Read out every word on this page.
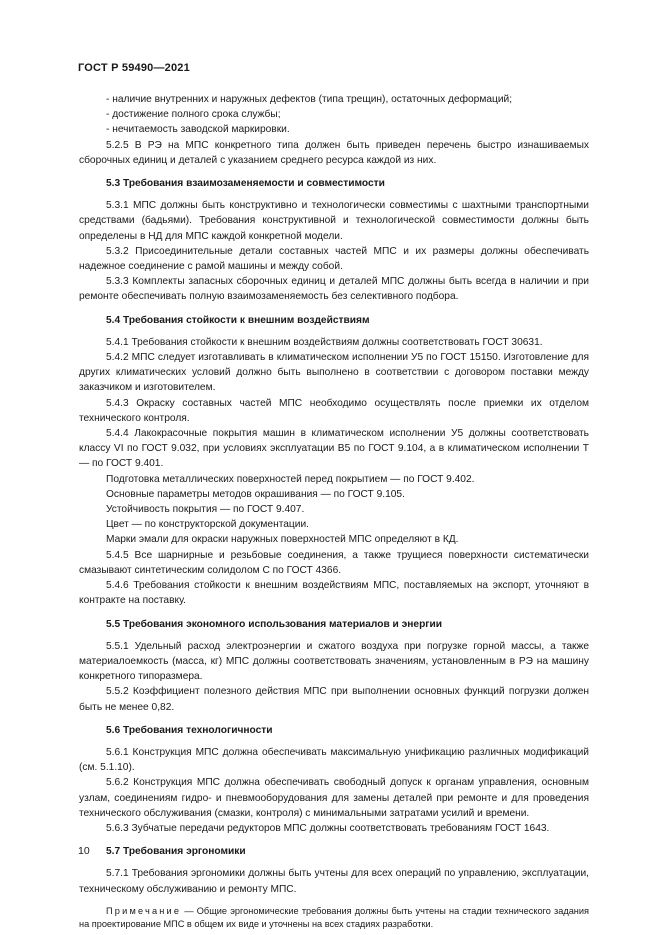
ГОСТ Р 59490—2021

- наличие внутренних и наружных дефектов (типа трещин), остаточных деформаций;

- достижение полного срока службы;

- нечитаемость заводской маркировки.

5.2.5 В РЭ на МПС конкретного типа должен быть приведен перечень быстро изнашиваемых сборочных единиц и деталей с указанием среднего ресурса каждой из них.

5.3 Требования взаимозаменяемости и совместимости

5.3.1 МПС должны быть конструктивно и технологически совместимы с шахтными транспортными средствами (бадьями). Требования конструктивной и технологической совместимости должны быть определены в НД для МПС каждой конкретной модели.

5.3.2 Присоединительные детали составных частей МПС и их размеры должны обеспечивать надежное соединение с рамой машины и между собой.

5.3.3 Комплекты запасных сборочных единиц и деталей МПС должны быть всегда в наличии и при ремонте обеспечивать полную взаимозаменяемость без селективного подбора.

5.4 Требования стойкости к внешним воздействиям

5.4.1 Требования стойкости к внешним воздействиям должны соответствовать ГОСТ 30631.

5.4.2 МПС следует изготавливать в климатическом исполнении У5 по ГОСТ 15150. Изготовление для других климатических условий должно быть выполнено в соответствии с договором поставки между заказчиком и изготовителем.

5.4.3 Окраску составных частей МПС необходимо осуществлять после приемки их отделом технического контроля.

5.4.4 Лакокрасочные покрытия машин в климатическом исполнении У5 должны соответствовать классу VI по ГОСТ 9.032, при условиях эксплуатации В5 по ГОСТ 9.104, а в климатическом исполнении Т — по ГОСТ 9.401.

Подготовка металлических поверхностей перед покрытием — по ГОСТ 9.402.

Основные параметры методов окрашивания — по ГОСТ 9.105.

Устойчивость покрытия — по ГОСТ 9.407.

Цвет — по конструкторской документации.

Марки эмали для окраски наружных поверхностей МПС определяют в КД.

5.4.5 Все шарнирные и резьбовые соединения, а также трущиеся поверхности систематически смазывают синтетическим солидолом С по ГОСТ 4366.

5.4.6 Требования стойкости к внешним воздействиям МПС, поставляемых на экспорт, уточняют в контракте на поставку.

5.5 Требования экономного использования материалов и энергии

5.5.1 Удельный расход электроэнергии и сжатого воздуха при погрузке горной массы, а также материалоемкость (масса, кг) МПС должны соответствовать значениям, установленным в РЭ на машину конкретного типоразмера.

5.5.2 Коэффициент полезного действия МПС при выполнении основных функций погрузки должен быть не менее 0,82.

5.6 Требования технологичности

5.6.1 Конструкция МПС должна обеспечивать максимальную унификацию различных модификаций (см. 5.1.10).

5.6.2 Конструкция МПС должна обеспечивать свободный допуск к органам управления, основным узлам, соединениям гидро- и пневмооборудования для замены деталей при ремонте и для проведения технического обслуживания (смазки, контроля) с минимальными затратами усилий и времени.

5.6.3 Зубчатые передачи редукторов МПС должны соответствовать требованиям ГОСТ 1643.

5.7 Требования эргономики

5.7.1 Требования эргономики должны быть учтены для всех операций по управлению, эксплуатации, техническому обслуживанию и ремонту МПС.

Примечание — Общие эргономические требования должны быть учтены на стадии технического задания на проектирование МПС в общем их виде и уточнены на всех стадиях разработки.

10
